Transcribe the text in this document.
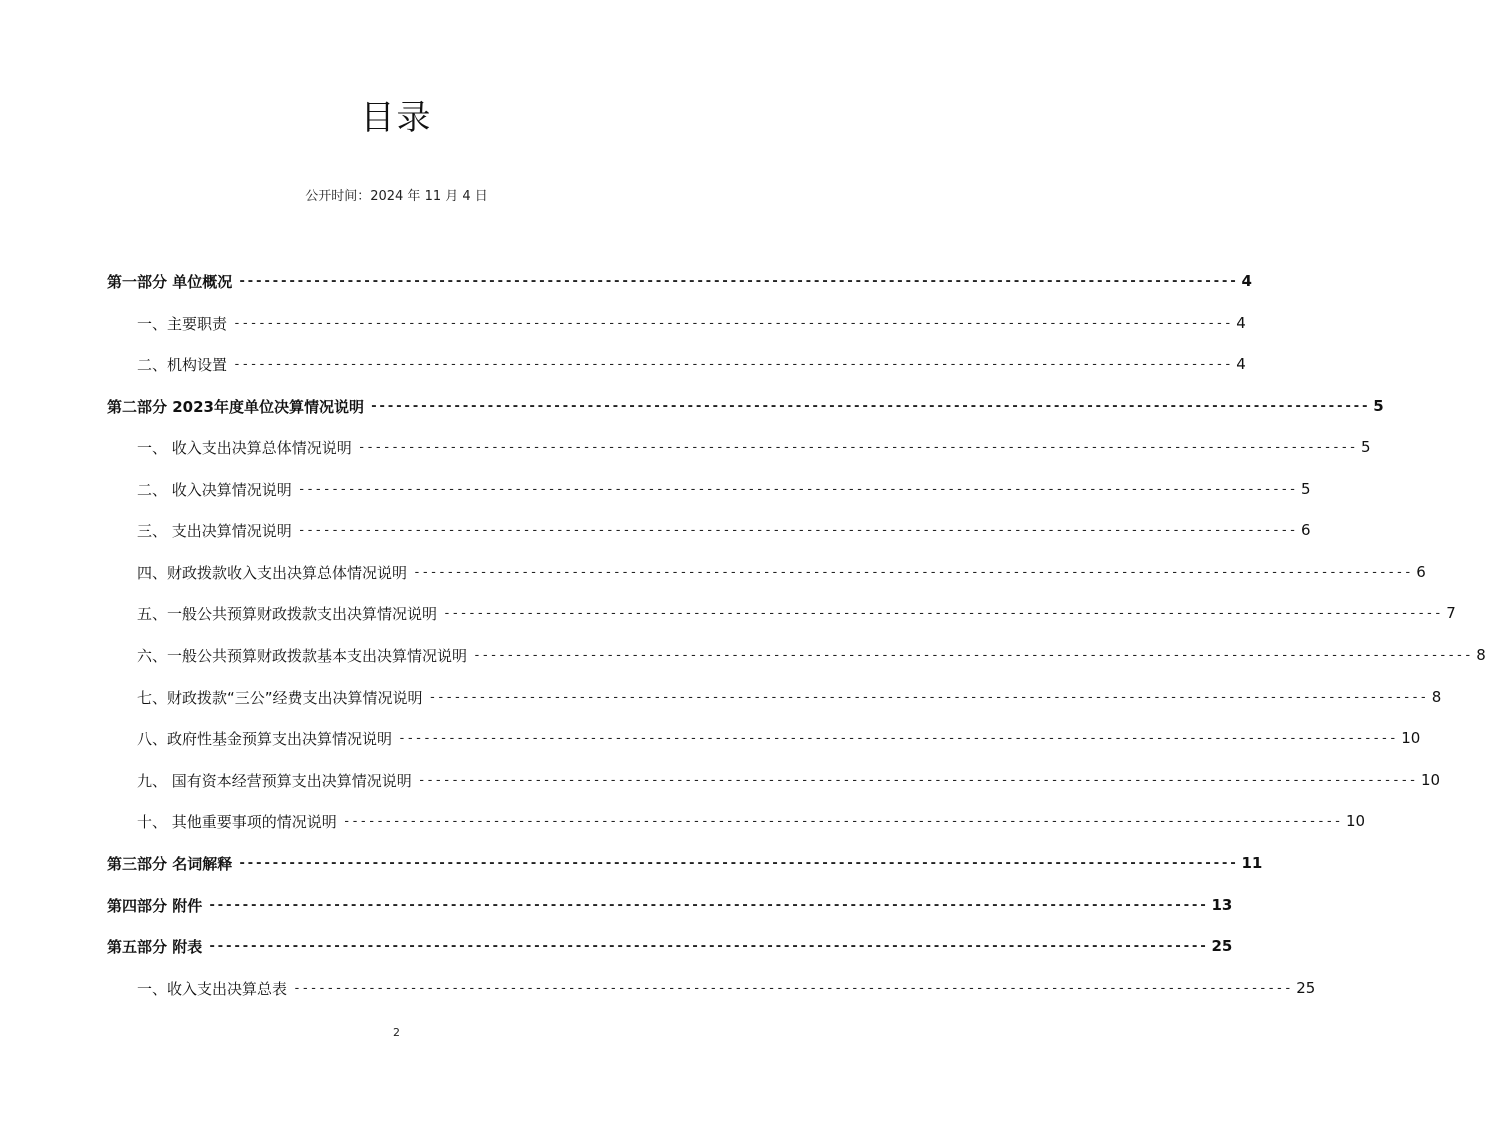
目录
公开时间：2024 年 11 月 4 日
第一部分 单位概况 ------------------------------------------------------------------------------------------------------------------------ 4
一、主要职责 ------------------------------------------------------------------------------------------------------------------------ 4
二、机构设置 ------------------------------------------------------------------------------------------------------------------------ 4
第二部分 2023年度单位决算情况说明 ------------------------------------------------------------------------------------------------------------------------ 5
一、 收入支出决算总体情况说明 ------------------------------------------------------------------------------------------------------------------------ 5
二、 收入决算情况说明 ------------------------------------------------------------------------------------------------------------------------ 5
三、 支出决算情况说明 ------------------------------------------------------------------------------------------------------------------------ 6
四、财政拨款收入支出决算总体情况说明 ------------------------------------------------------------------------------------------------------------------------ 6
五、一般公共预算财政拨款支出决算情况说明 ------------------------------------------------------------------------------------------------------------------------ 7
六、一般公共预算财政拨款基本支出决算情况说明 ------------------------------------------------------------------------------------------------------------------------ 8
七、财政拨款“三公”经费支出决算情况说明 ------------------------------------------------------------------------------------------------------------------------ 8
八、政府性基金预算支出决算情况说明 ------------------------------------------------------------------------------------------------------------------------ 10
九、 国有资本经营预算支出决算情况说明 ------------------------------------------------------------------------------------------------------------------------ 10
十、 其他重要事项的情况说明 ------------------------------------------------------------------------------------------------------------------------ 10
第三部分 名词解释 ------------------------------------------------------------------------------------------------------------------------ 11
第四部分 附件 ------------------------------------------------------------------------------------------------------------------------ 13
第五部分 附表 ------------------------------------------------------------------------------------------------------------------------ 25
一、收入支出决算总表 ------------------------------------------------------------------------------------------------------------------------ 25
2
